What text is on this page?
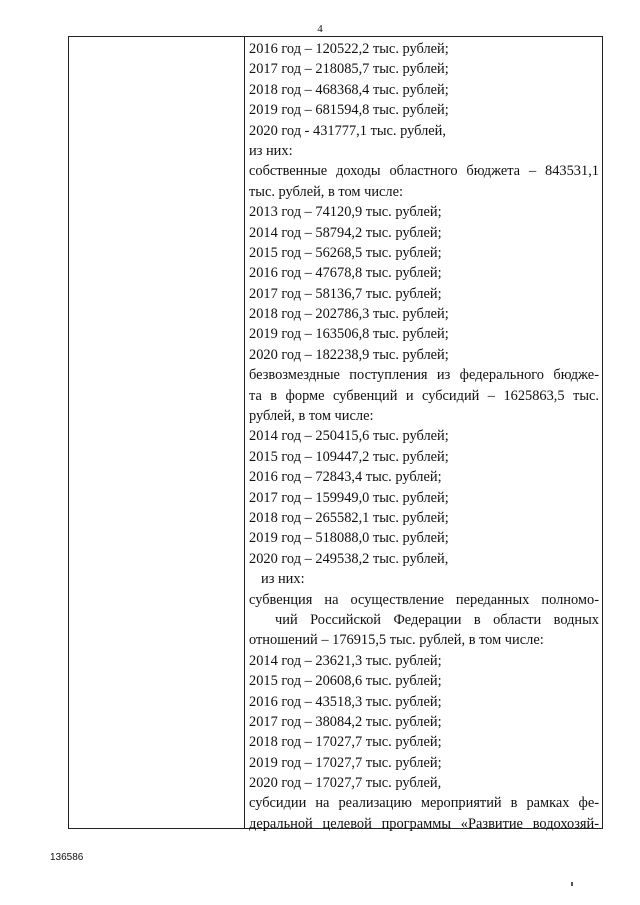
4
2016 год – 120522,2 тыс. рублей;
2017 год – 218085,7 тыс. рублей;
2018 год – 468368,4 тыс. рублей;
2019 год – 681594,8 тыс. рублей;
2020 год - 431777,1 тыс. рублей,
из них:
собственные доходы областного бюджета – 843531,1
тыс. рублей, в том числе:
2013 год – 74120,9 тыс. рублей;
2014 год – 58794,2 тыс. рублей;
2015 год – 56268,5 тыс. рублей;
2016 год – 47678,8 тыс. рублей;
2017 год – 58136,7 тыс. рублей;
2018 год – 202786,3 тыс. рублей;
2019 год – 163506,8 тыс. рублей;
2020 год – 182238,9 тыс. рублей;
безвозмездные поступления из федерального бюдже-
та в форме субвенций и субсидий – 1625863,5 тыс.
рублей, в том числе:
2014 год – 250415,6 тыс. рублей;
2015 год – 109447,2 тыс. рублей;
2016 год – 72843,4 тыс. рублей;
2017 год – 159949,0 тыс. рублей;
2018 год – 265582,1 тыс. рублей;
2019 год – 518088,0 тыс. рублей;
2020 год – 249538,2 тыс. рублей,
из них:
субвенция на осуществление переданных полномо-
чий Российской Федерации в области водных
отношений – 176915,5 тыс. рублей, в том числе:
2014 год – 23621,3 тыс. рублей;
2015 год – 20608,6 тыс. рублей;
2016 год – 43518,3 тыс. рублей;
2017 год – 38084,2 тыс. рублей;
2018 год – 17027,7 тыс. рублей;
2019 год – 17027,7 тыс. рублей;
2020 год – 17027,7 тыс. рублей,
субсидии на реализацию мероприятий в рамках фе-
деральной целевой программы «Развитие водохозяй-
136586
